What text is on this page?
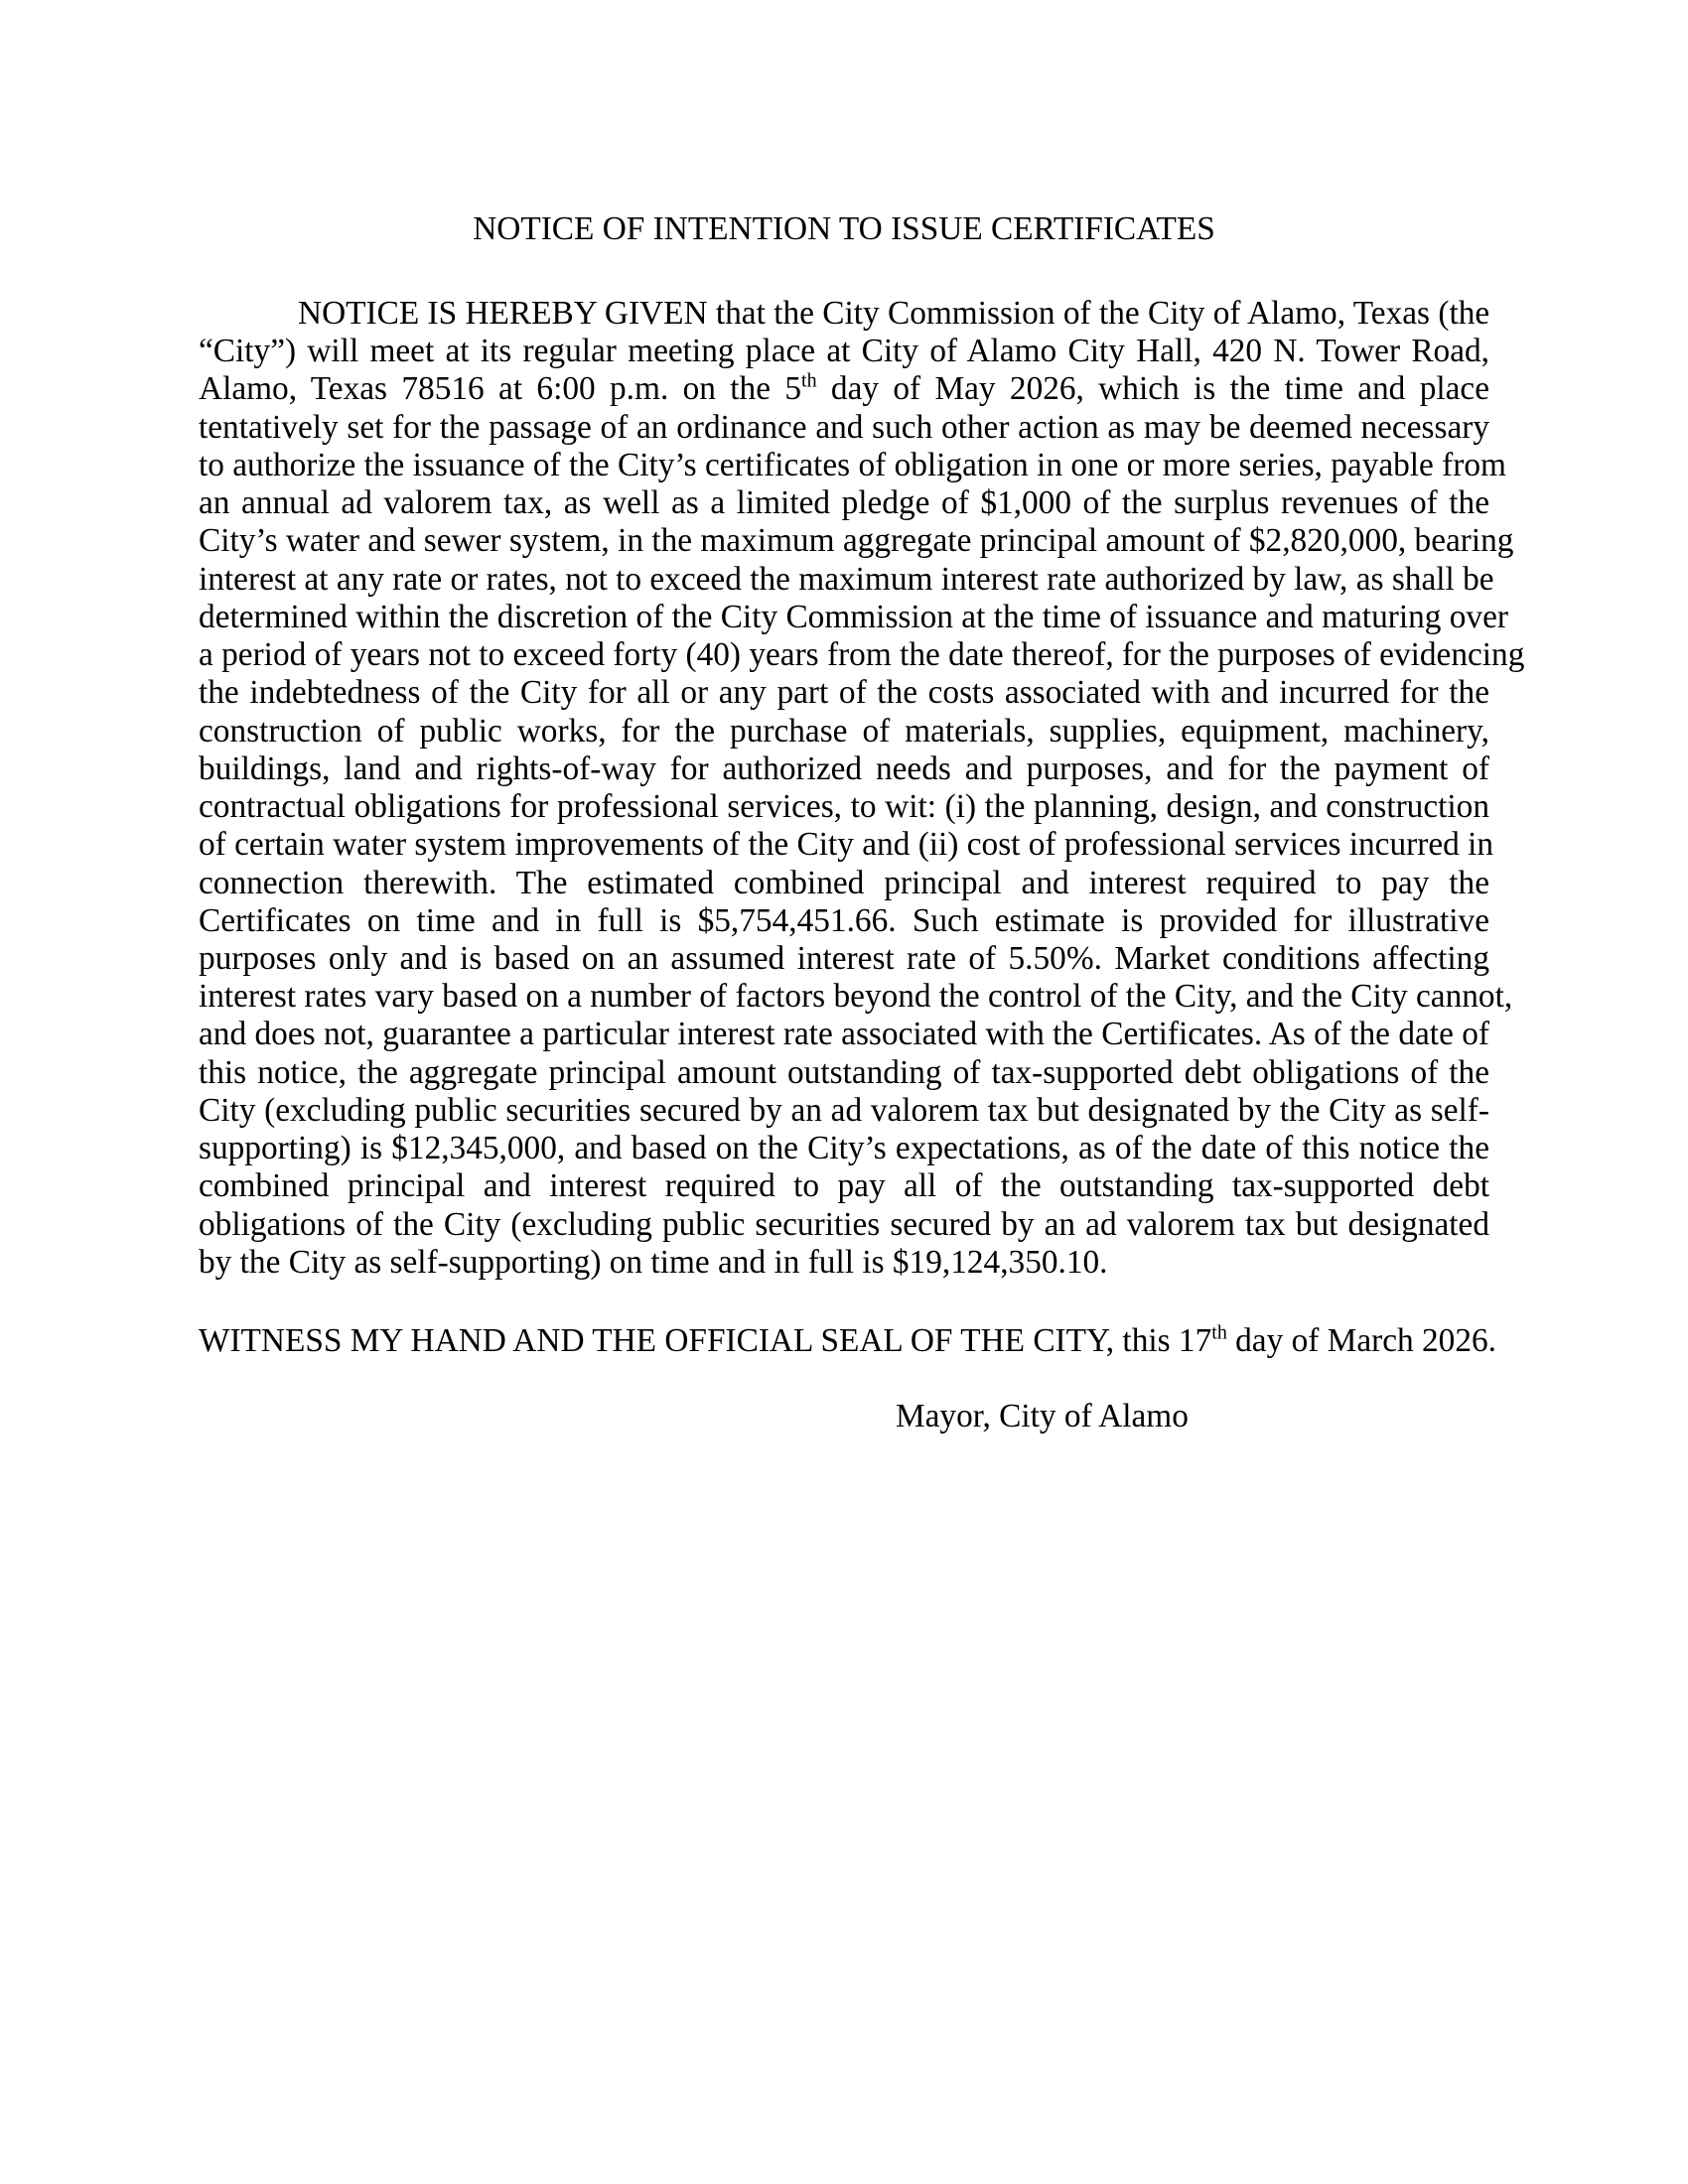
NOTICE OF INTENTION TO ISSUE CERTIFICATES
NOTICE IS HEREBY GIVEN that the City Commission of the City of Alamo, Texas (the
“City”) will meet at its regular meeting place at City of Alamo City Hall, 420 N. Tower Road,
Alamo, Texas 78516 at 6:00 p.m. on the 5th day of May 2026, which is the time and place
tentatively set for the passage of an ordinance and such other action as may be deemed necessary
to authorize the issuance of the City’s certificates of obligation in one or more series, payable from
an annual ad valorem tax, as well as a limited pledge of $1,000 of the surplus revenues of the
City’s water and sewer system, in the maximum aggregate principal amount of $2,820,000, bearing
interest at any rate or rates, not to exceed the maximum interest rate authorized by law, as shall be
determined within the discretion of the City Commission at the time of issuance and maturing over
a period of years not to exceed forty (40) years from the date thereof, for the purposes of evidencing
the indebtedness of the City for all or any part of the costs associated with and incurred for the
construction of public works, for the purchase of materials, supplies, equipment, machinery,
buildings, land and rights-of-way for authorized needs and purposes, and for the payment of
contractual obligations for professional services, to wit: (i) the planning, design, and construction
of certain water system improvements of the City and (ii) cost of professional services incurred in
connection therewith. The estimated combined principal and interest required to pay the
Certificates on time and in full is $5,754,451.66. Such estimate is provided for illustrative
purposes only and is based on an assumed interest rate of 5.50%. Market conditions affecting
interest rates vary based on a number of factors beyond the control of the City, and the City cannot,
and does not, guarantee a particular interest rate associated with the Certificates. As of the date of
this notice, the aggregate principal amount outstanding of tax-supported debt obligations of the
City (excluding public securities secured by an ad valorem tax but designated by the City as self-
supporting) is $12,345,000, and based on the City’s expectations, as of the date of this notice the
combined principal and interest required to pay all of the outstanding tax-supported debt
obligations of the City (excluding public securities secured by an ad valorem tax but designated
by the City as self-supporting) on time and in full is $19,124,350.10.
WITNESS MY HAND AND THE OFFICIAL SEAL OF THE CITY, this 17th day of March 2026.
Mayor, City of Alamo
